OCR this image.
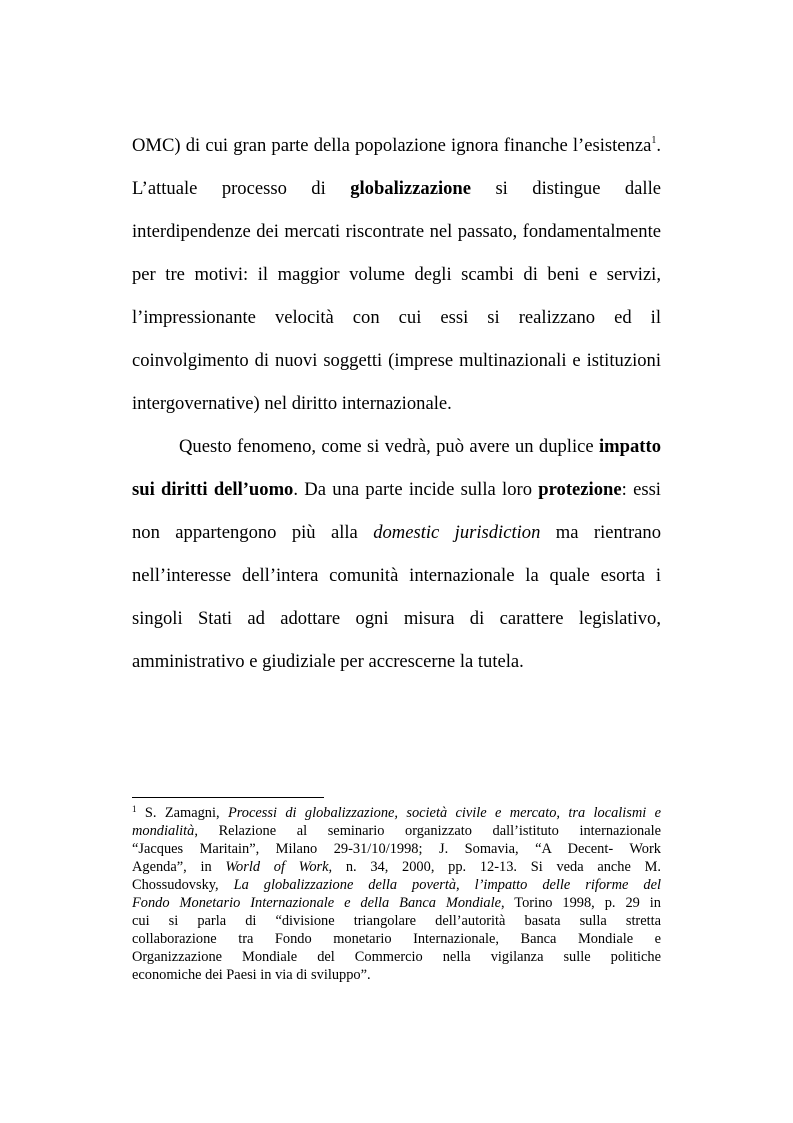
OMC) di cui gran parte della popolazione ignora finanche l’esistenza$^1$.
L’attuale processo di globalizzazione si distingue dalle
interdipendenze dei mercati riscontrate nel passato, fondamentalmente
per tre motivi: il maggior volume degli scambi di beni e servizi,
l’impressionante velocità con cui essi si realizzano ed il
coinvolgimento di nuovi soggetti (imprese multinazionali e istituzioni
intergovernative) nel diritto internazionale.
Questo fenomeno, come si vedrà, può avere un duplice impatto
sui diritti dell’uomo. Da una parte incide sulla loro protezione: essi
non appartengono più alla domestic jurisdiction ma rientrano
nell’interesse dell’intera comunità internazionale la quale esorta i
singoli Stati ad adottare ogni misura di carattere legislativo,
amministrativo e giudiziale per accrescerne la tutela.
$^1$ S. Zamagni, Processi di globalizzazione, società civile e mercato, tra localismi e
mondialità, Relazione al seminario organizzato dall’istituto internazionale
“Jacques Maritain”, Milano 29-31/10/1998; J. Somavia, “A Decent- Work
Agenda”, in World of Work, n. 34, 2000, pp. 12-13. Si veda anche M.
Chossudovsky, La globalizzazione della povertà, l’impatto delle riforme del
Fondo Monetario Internazionale e della Banca Mondiale, Torino 1998, p. 29 in
cui si parla di “divisione triangolare dell’autorità basata sulla stretta
collaborazione tra Fondo monetario Internazionale, Banca Mondiale e
Organizzazione Mondiale del Commercio nella vigilanza sulle politiche
economiche dei Paesi in via di sviluppo”.
